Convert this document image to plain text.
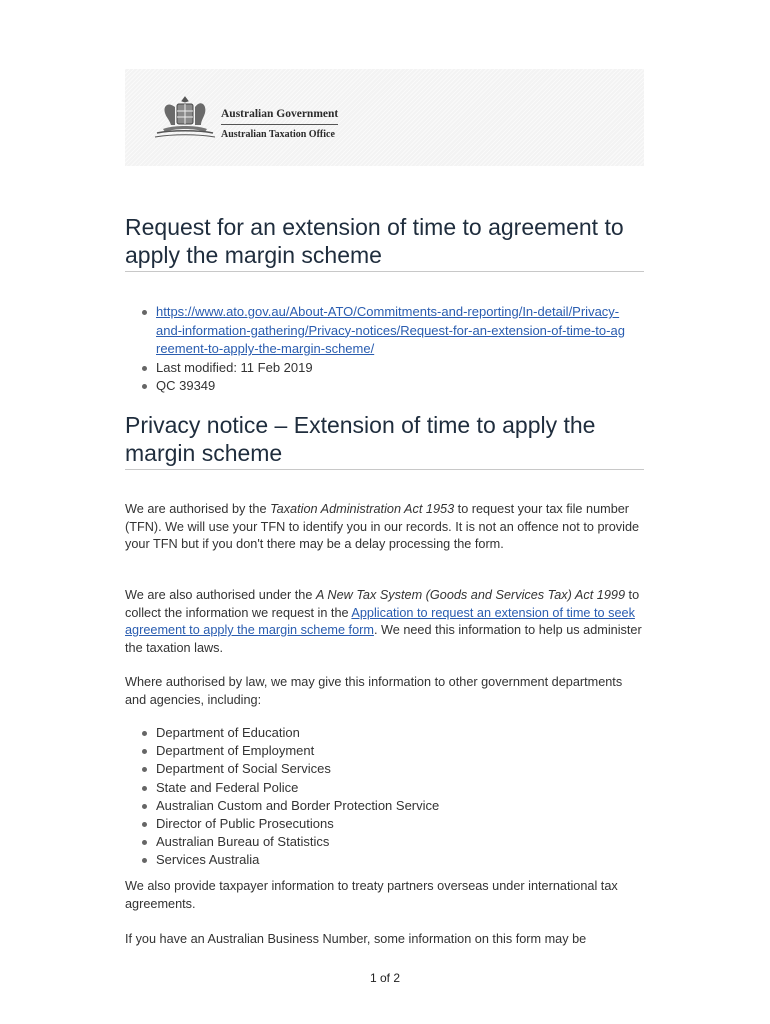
Australian Government
Australian Taxation Office
Request for an extension of time to agreement to apply the margin scheme
https://www.ato.gov.au/About-ATO/Commitments-and-reporting/In-detail/Privacy-and-information-gathering/Privacy-notices/Request-for-an-extension-of-time-to-agreement-to-apply-the-margin-scheme/
Last modified: 11 Feb 2019
QC 39349
Privacy notice – Extension of time to apply the margin scheme

We are authorised by the Taxation Administration Act 1953 to request your tax file number (TFN). We will use your TFN to identify you in our records. It is not an offence not to provide your TFN but if you don't there may be a delay processing the form.

We are also authorised under the A New Tax System (Goods and Services Tax) Act 1999 to collect the information we request in the Application to request an extension of time to seek agreement to apply the margin scheme form. We need this information to help us administer the taxation laws.

Where authorised by law, we may give this information to other government departments and agencies, including:

Department of Education
Department of Employment
Department of Social Services
State and Federal Police
Australian Custom and Border Protection Service
Director of Public Prosecutions
Australian Bureau of Statistics
Services Australia

We also provide taxpayer information to treaty partners overseas under international tax agreements.

If you have an Australian Business Number, some information on this form may be

1 of 2
